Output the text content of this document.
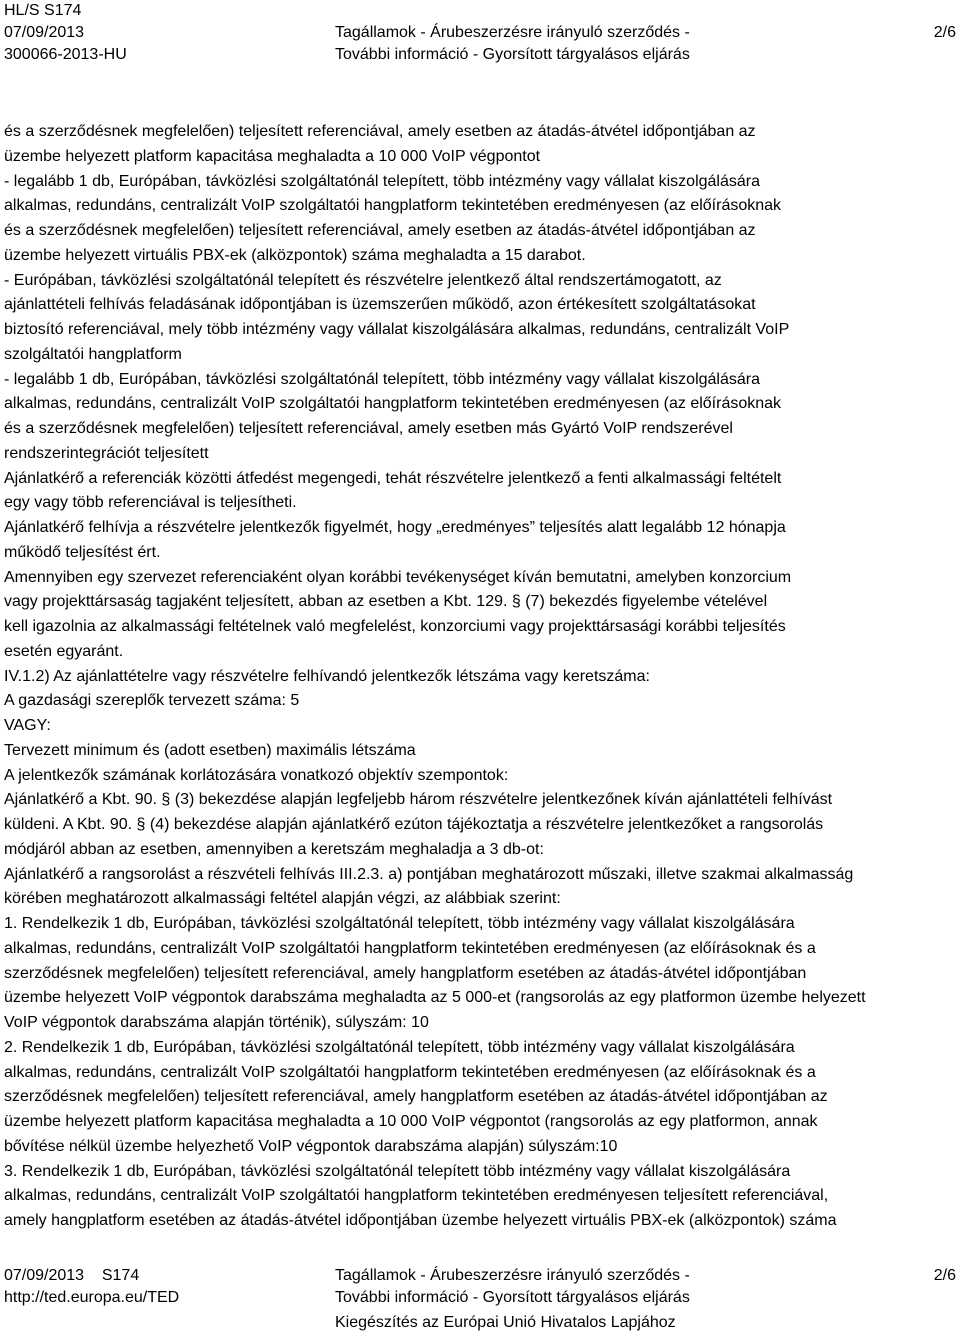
HL/S S174
07/09/2013
300066-2013-HU
Tagállamok - Árubeszerzésre irányuló szerződés -
További információ - Gyorsított tárgyalásos eljárás
2/6
és a szerződésnek megfelelően) teljesített referenciával, amely esetben az átadás-átvétel időpontjában az
üzembe helyezett platform kapacitása meghaladta a 10 000 VoIP végpontot
- legalább 1 db, Európában, távközlési szolgáltatónál telepített, több intézmény vagy vállalat kiszolgálására
alkalmas, redundáns, centralizált VoIP szolgáltatói hangplatform tekintetében eredményesen (az előírásoknak
és a szerződésnek megfelelően) teljesített referenciával, amely esetben az átadás-átvétel időpontjában az
üzembe helyezett virtuális PBX-ek (alközpontok) száma meghaladta a 15 darabot.
- Európában, távközlési szolgáltatónál telepített és részvételre jelentkező által rendszertámogatott, az
ajánlattételi felhívás feladásának időpontjában is üzemszerűen működő, azon értékesített szolgáltatásokat
biztosító referenciával, mely több intézmény vagy vállalat kiszolgálására alkalmas, redundáns, centralizált VoIP
szolgáltatói hangplatform
- legalább 1 db, Európában, távközlési szolgáltatónál telepített, több intézmény vagy vállalat kiszolgálására
alkalmas, redundáns, centralizált VoIP szolgáltatói hangplatform tekintetében eredményesen (az előírásoknak
és a szerződésnek megfelelően) teljesített referenciával, amely esetben más Gyártó VoIP rendszerével
rendszerintegrációt teljesített
Ajánlatkérő a referenciák közötti átfedést megengedi, tehát részvételre jelentkező a fenti alkalmassági feltételt
egy vagy több referenciával is teljesítheti.
Ajánlatkérő felhívja a részvételre jelentkezők figyelmét, hogy „eredményes” teljesítés alatt legalább 12 hónapja
működő teljesítést ért.
Amennyiben egy szervezet referenciaként olyan korábbi tevékenységet kíván bemutatni, amelyben konzorcium
vagy projekttársaság tagjaként teljesített, abban az esetben a Kbt. 129. § (7) bekezdés figyelembe vételével
kell igazolnia az alkalmassági feltételnek való megfelelést, konzorciumi vagy projekttársasági korábbi teljesítés
esetén egyaránt.
IV.1.2) Az ajánlattételre vagy részvételre felhívandó jelentkezők létszáma vagy keretszáma:
A gazdasági szereplők tervezett száma: 5
VAGY:
Tervezett minimum és (adott esetben) maximális létszáma
A jelentkezők számának korlátozására vonatkozó objektív szempontok:
Ajánlatkérő a Kbt. 90. § (3) bekezdése alapján legfeljebb három részvételre jelentkezőnek kíván ajánlattételi felhívást
küldeni. A Kbt. 90. § (4) bekezdése alapján ajánlatkérő ezúton tájékoztatja a részvételre jelentkezőket a rangsorolás
módjáról abban az esetben, amennyiben a keretszám meghaladja a 3 db-ot:
Ajánlatkérő a rangsorolást a részvételi felhívás III.2.3. a) pontjában meghatározott műszaki, illetve szakmai alkalmasság
körében meghatározott alkalmassági feltétel alapján végzi, az alábbiak szerint:
1. Rendelkezik 1 db, Európában, távközlési szolgáltatónál telepített, több intézmény vagy vállalat kiszolgálására
alkalmas, redundáns, centralizált VoIP szolgáltatói hangplatform tekintetében eredményesen (az előírásoknak és a
szerződésnek megfelelően) teljesített referenciával, amely hangplatform esetében az átadás-átvétel időpontjában
üzembe helyezett VoIP végpontok darabszáma meghaladta az 5 000-et (rangsorolás az egy platformon üzembe helyezett
VoIP végpontok darabszáma alapján történik), súlyszám: 10
2. Rendelkezik 1 db, Európában, távközlési szolgáltatónál telepített, több intézmény vagy vállalat kiszolgálására
alkalmas, redundáns, centralizált VoIP szolgáltatói hangplatform tekintetében eredményesen (az előírásoknak és a
szerződésnek megfelelően) teljesített referenciával, amely hangplatform esetében az átadás-átvétel időpontjában az
üzembe helyezett platform kapacitása meghaladta a 10 000 VoIP végpontot (rangsorolás az egy platformon, annak
bővítése nélkül üzembe helyezhető VoIP végpontok darabszáma alapján) súlyszám:10
3. Rendelkezik 1 db, Európában, távközlési szolgáltatónál telepített több intézmény vagy vállalat kiszolgálására
alkalmas, redundáns, centralizált VoIP szolgáltatói hangplatform tekintetében eredményesen teljesített referenciával,
amely hangplatform esetében az átadás-átvétel időpontjában üzembe helyezett virtuális PBX-ek (alközpontok) száma
07/09/2013 S174
http://ted.europa.eu/TED
Tagállamok - Árubeszerzésre irányuló szerződés -
További információ - Gyorsított tárgyalásos eljárás
Kiegészítés az Európai Unió Hivatalos Lapjához
2/6
